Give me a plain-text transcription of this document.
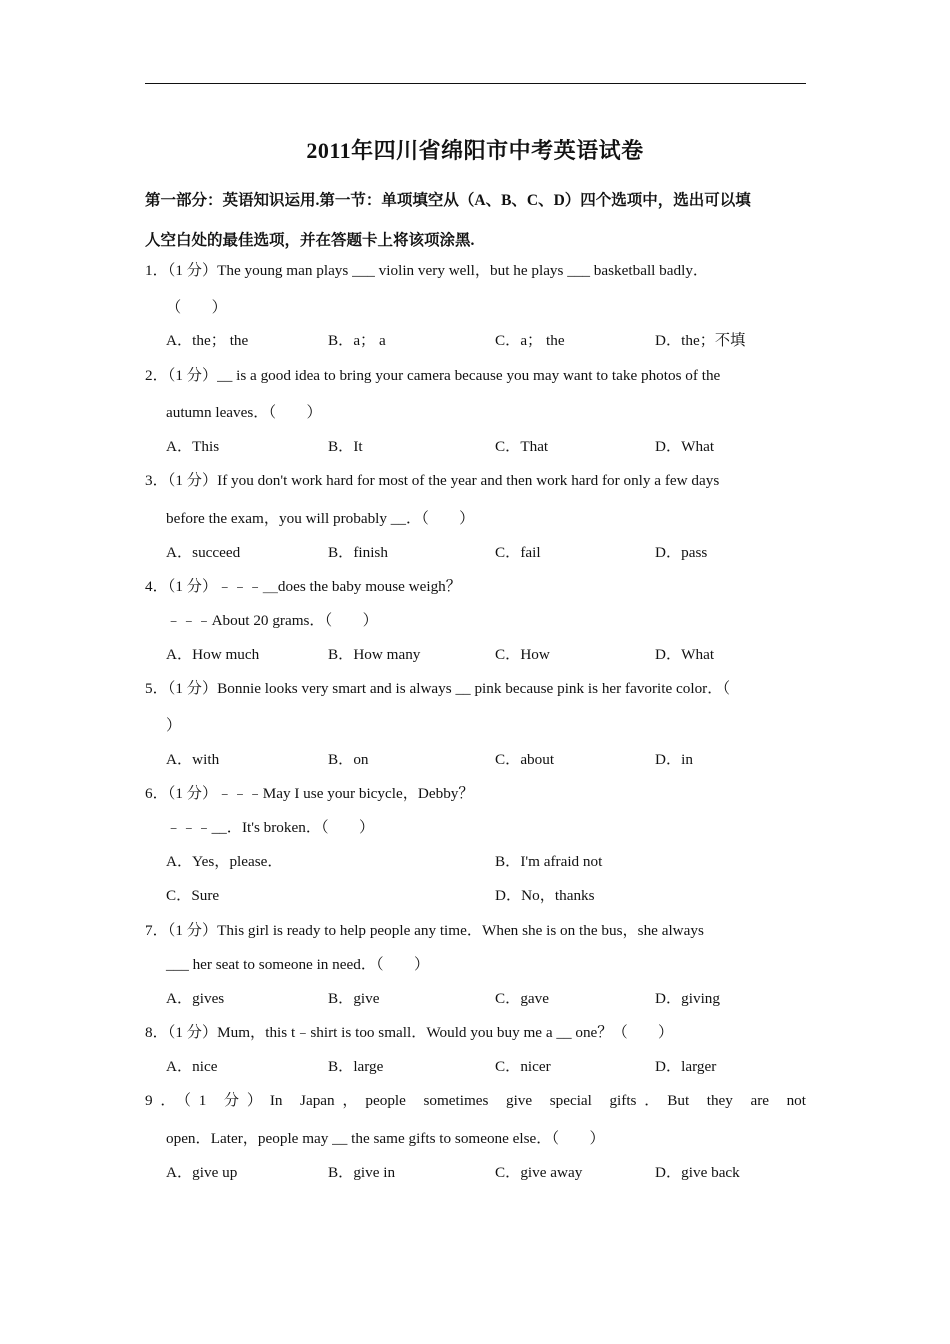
2011年四川省绵阳市中考英语试卷
第一部分：英语知识运用.第一节：单项填空从（A、B、C、D）四个选项中，选出可以填
人空白处的最佳选项，并在答题卡上将该项涂黑.
1．（1 分）The young man plays ___ violin very well，but he plays ___ basketball badly．
（　　）
A．the； the	B．a； a	C．a； the	D．the；不填
2．（1 分）__ is a good idea to bring your camera because you may want to take photos of the
autumn leaves．（　　）
A．This	B．It	C．That	D．What
3．（1 分）If you don't work hard for most of the year and then work hard for only a few days
before the exam，you will probably __．（　　）
A．succeed	B．finish	C．fail	D．pass
4．（1 分）﹣﹣﹣＿does the baby mouse weigh？
﹣﹣﹣About 20 grams．（　　）
A．How much	B．How many	C．How	D．What
5．（1 分）Bonnie looks very smart and is always __ pink because pink is her favorite color．（
）
A．with	B．on	C．about	D．in
6．（1 分）﹣﹣﹣May I use your bicycle，Debby？
﹣﹣﹣__．It's broken．（　　）
A．Yes，please．	B．I'm afraid not
C．Sure	D．No，thanks
7．（1 分）This girl is ready to help people any time．When she is on the bus，she always
___ her seat to someone in need．（　　）
A．gives	B．give	C．gave	D．giving
8．（1 分）Mum，this t﹣shirt is too small．Would you buy me a __ one？（　　）
A．nice	B．large	C．nicer	D．larger
9．（1 分）In Japan，people sometimes give special gifts．But they are not
open．Later，people may __ the same gifts to someone else．（　　）
A．give up	B．give in	C．give away	D．give back
